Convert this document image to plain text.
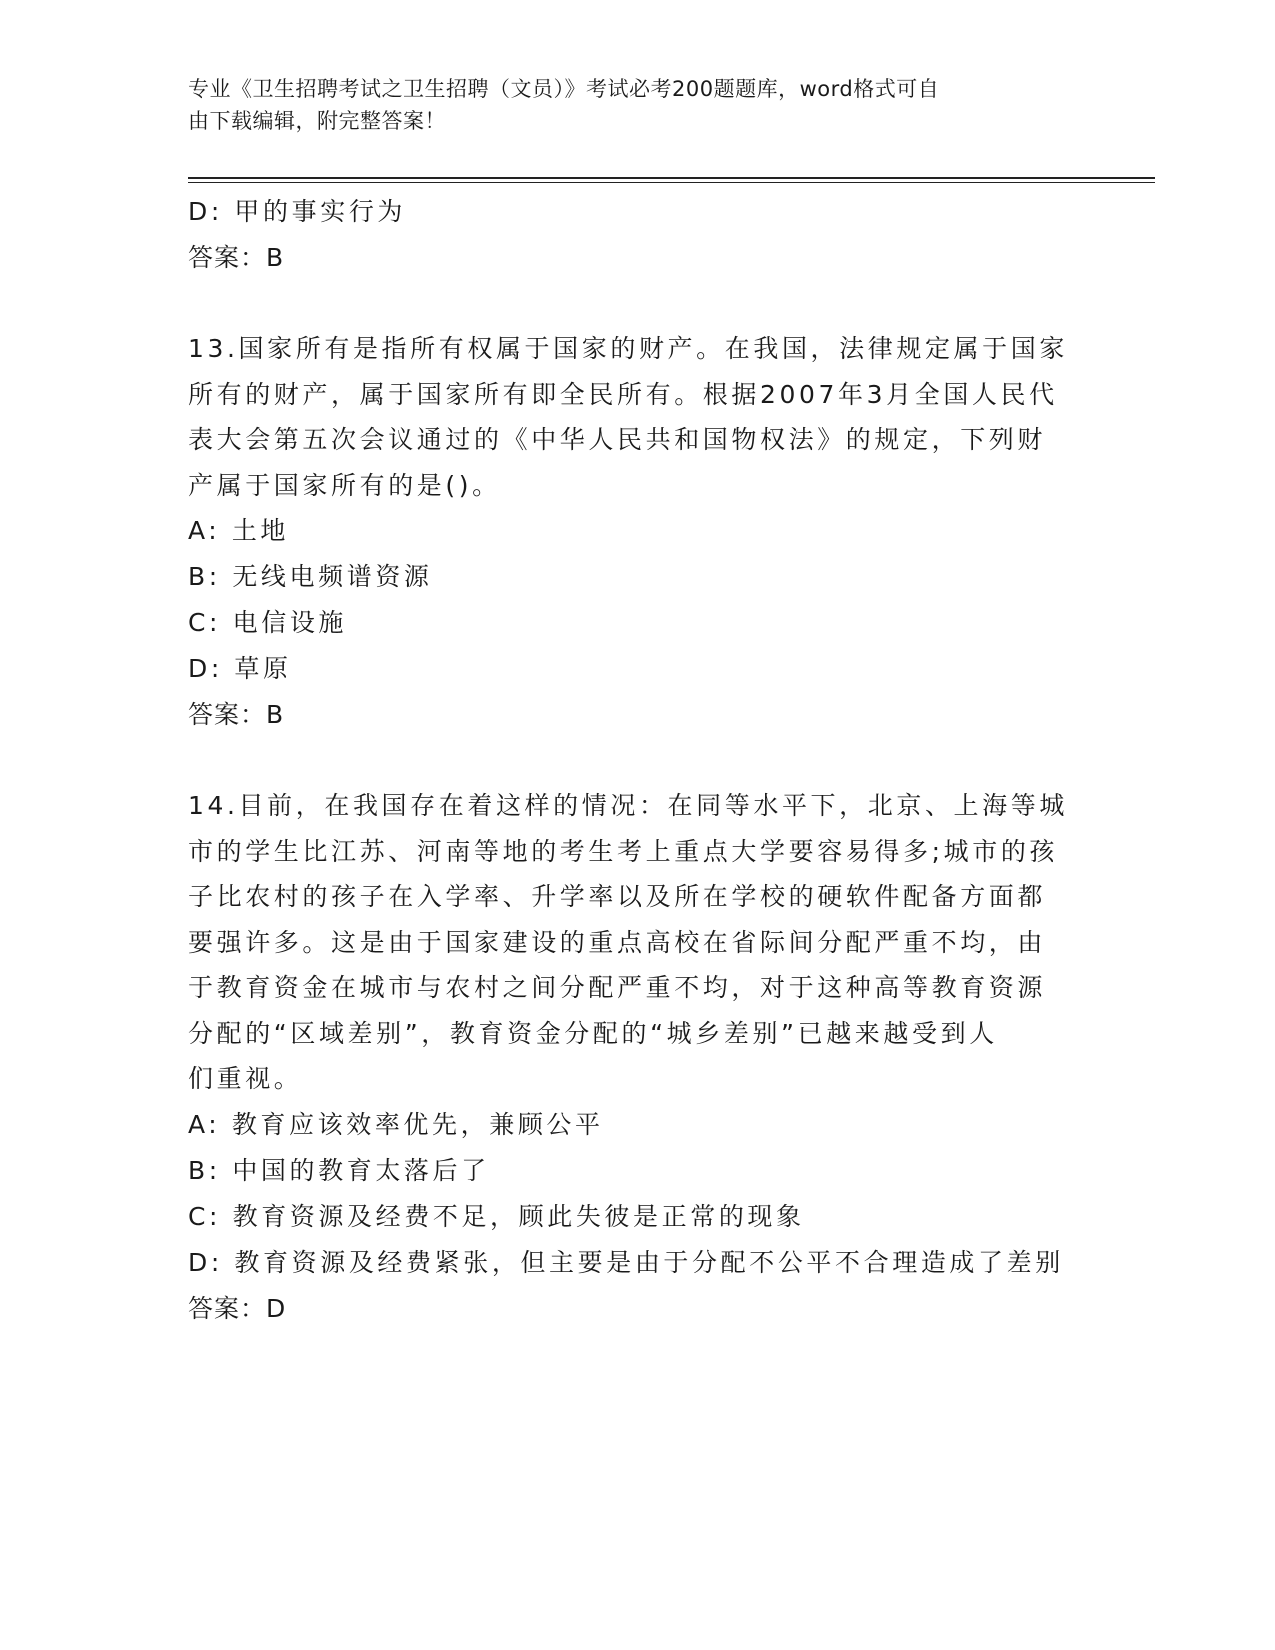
专业《卫生招聘考试之卫生招聘（文员）》考试必考200题题库，word格式可自
由下载编辑，附完整答案！
D: 甲的事实行为
答案：B
13.国家所有是指所有权属于国家的财产。在我国，法律规定属于国家
所有的财产，属于国家所有即全民所有。根据2007年3月全国人民代
表大会第五次会议通过的《中华人民共和国物权法》的规定，下列财
产属于国家所有的是()。
A: 土地
B: 无线电频谱资源
C: 电信设施
D: 草原
答案：B
14.目前，在我国存在着这样的情况：在同等水平下，北京、上海等城
市的学生比江苏、河南等地的考生考上重点大学要容易得多;城市的孩
子比农村的孩子在入学率、升学率以及所在学校的硬软件配备方面都
要强许多。这是由于国家建设的重点高校在省际间分配严重不均，由
于教育资金在城市与农村之间分配严重不均，对于这种高等教育资源
分配的“区域差别”，教育资金分配的“城乡差别”已越来越受到人
们重视。
A: 教育应该效率优先，兼顾公平
B: 中国的教育太落后了
C: 教育资源及经费不足，顾此失彼是正常的现象
D: 教育资源及经费紧张，但主要是由于分配不公平不合理造成了差别
答案：D
